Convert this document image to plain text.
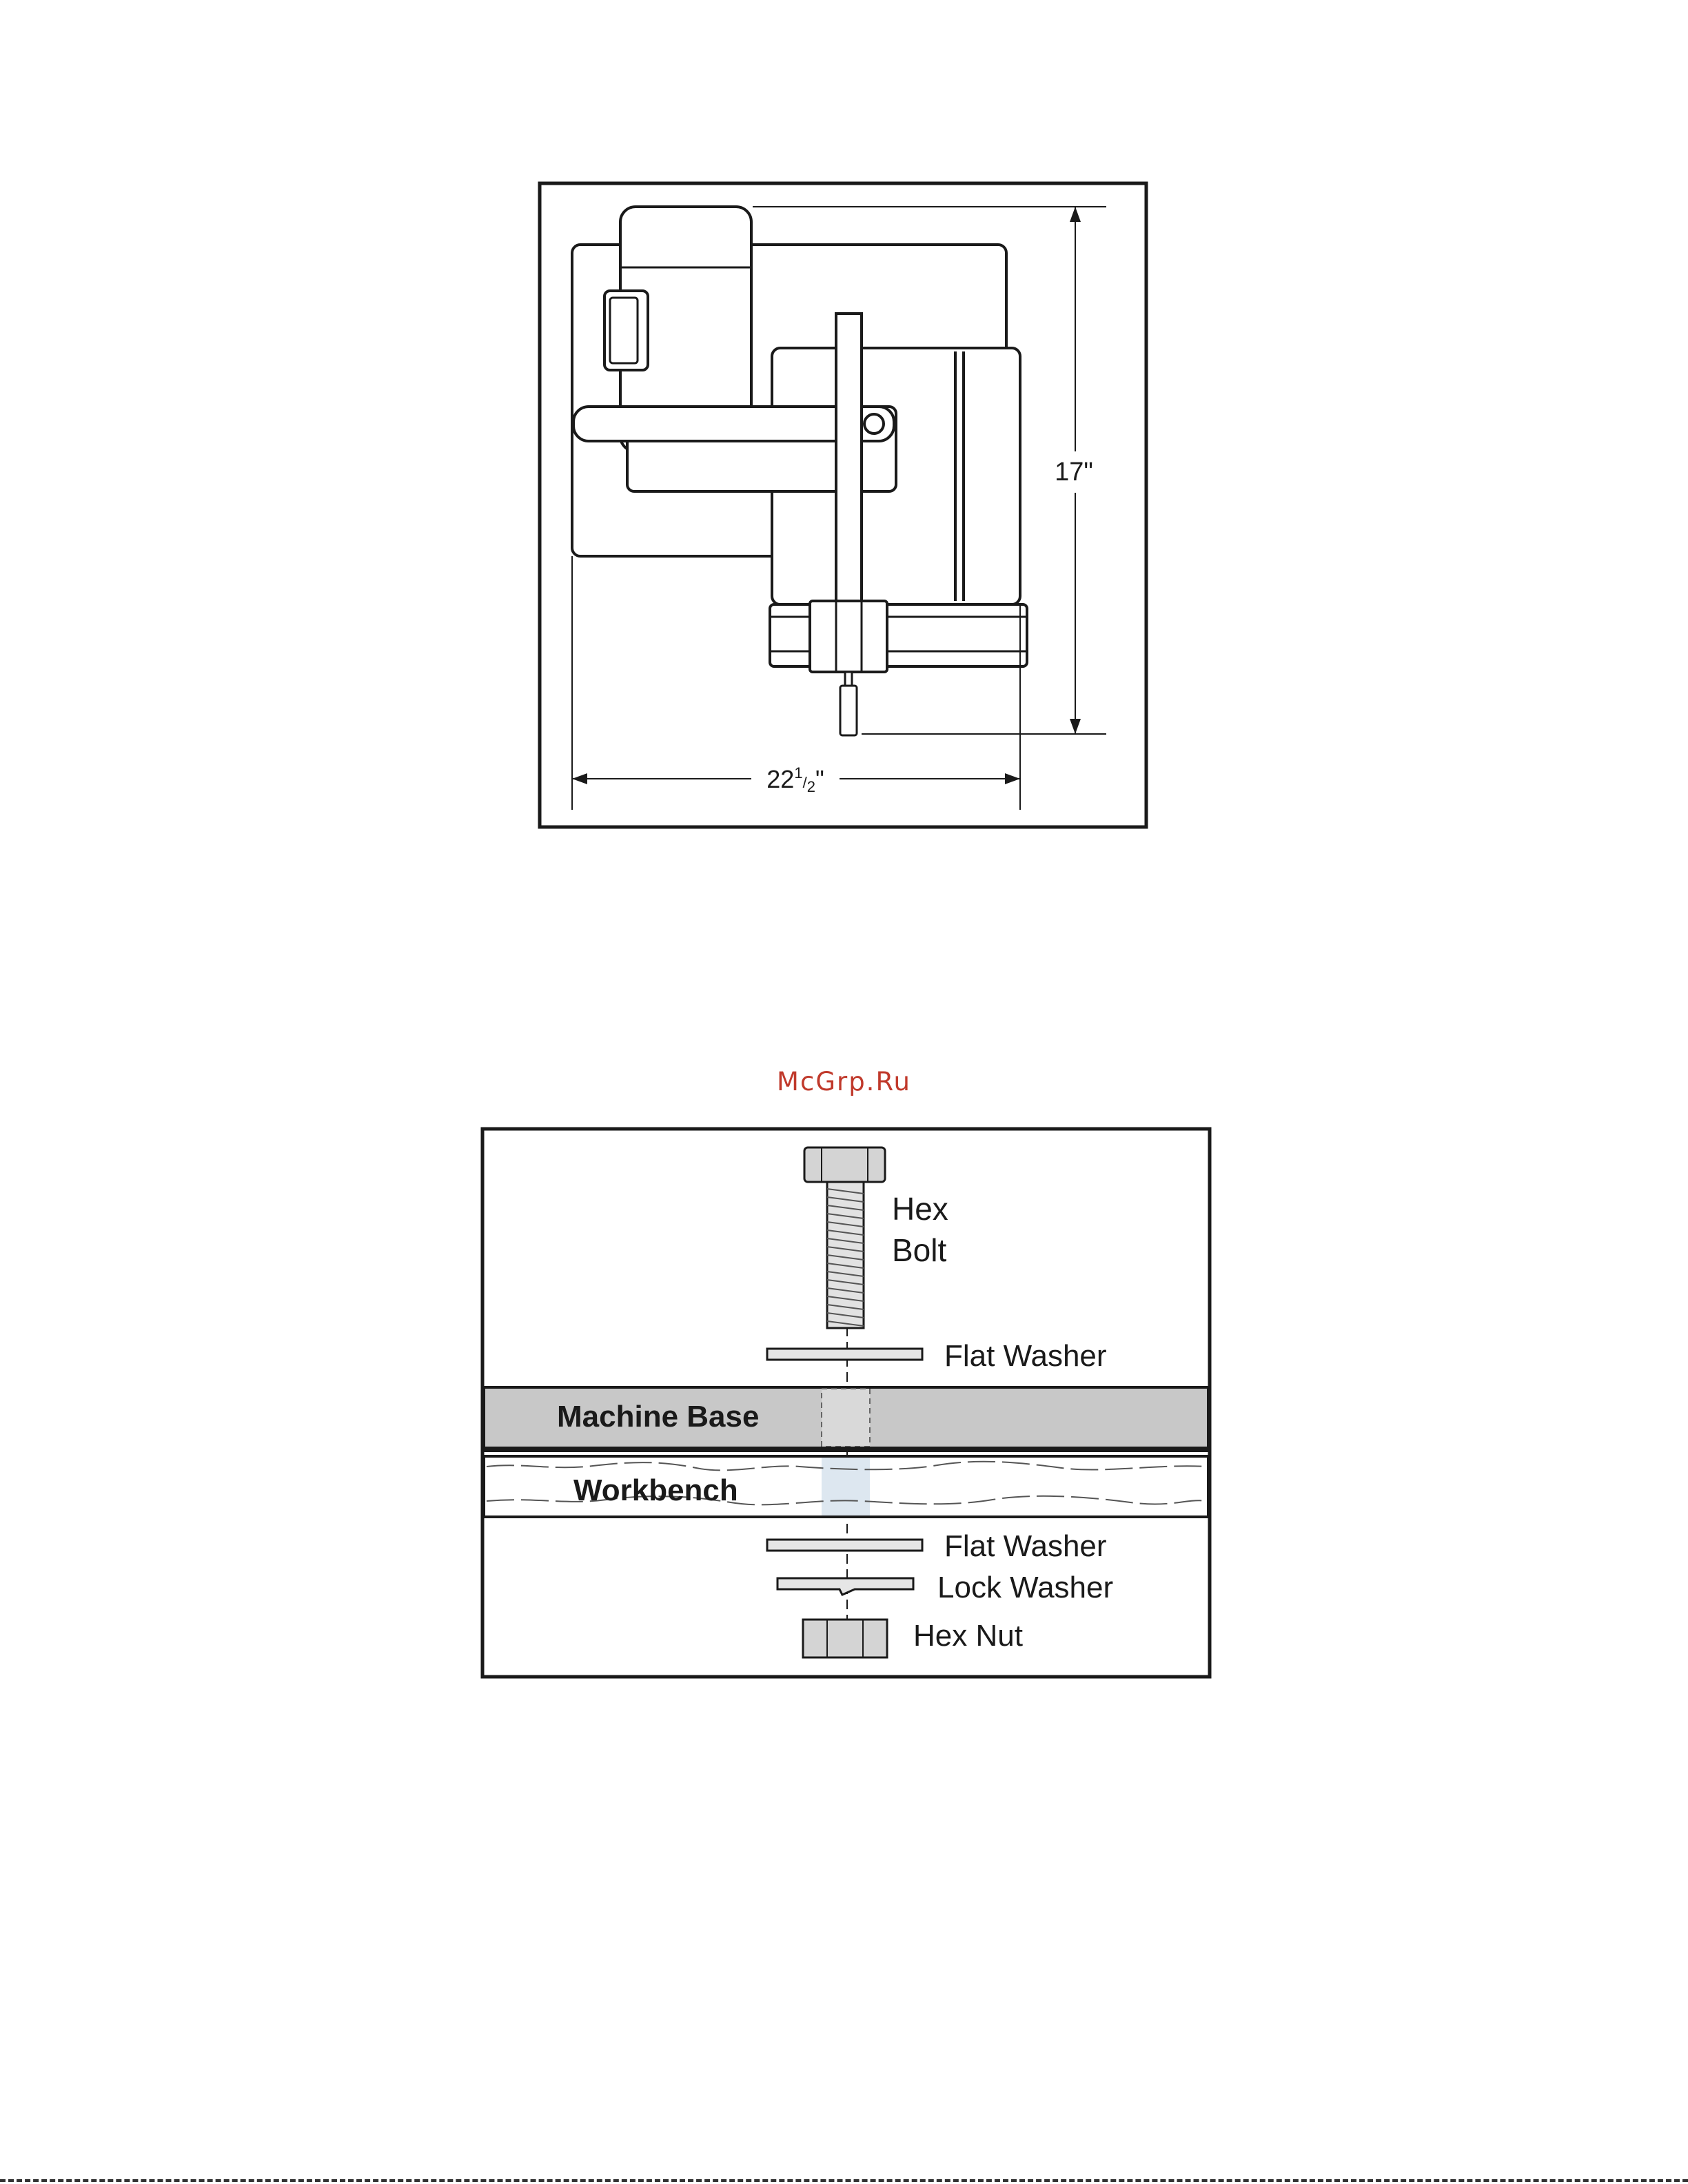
17"
$22^1_/2$"
McGrp.Ru
Hex
Bolt
Flat Washer
Machine Base
Workbench
Flat Washer
Lock Washer
Hex Nut
